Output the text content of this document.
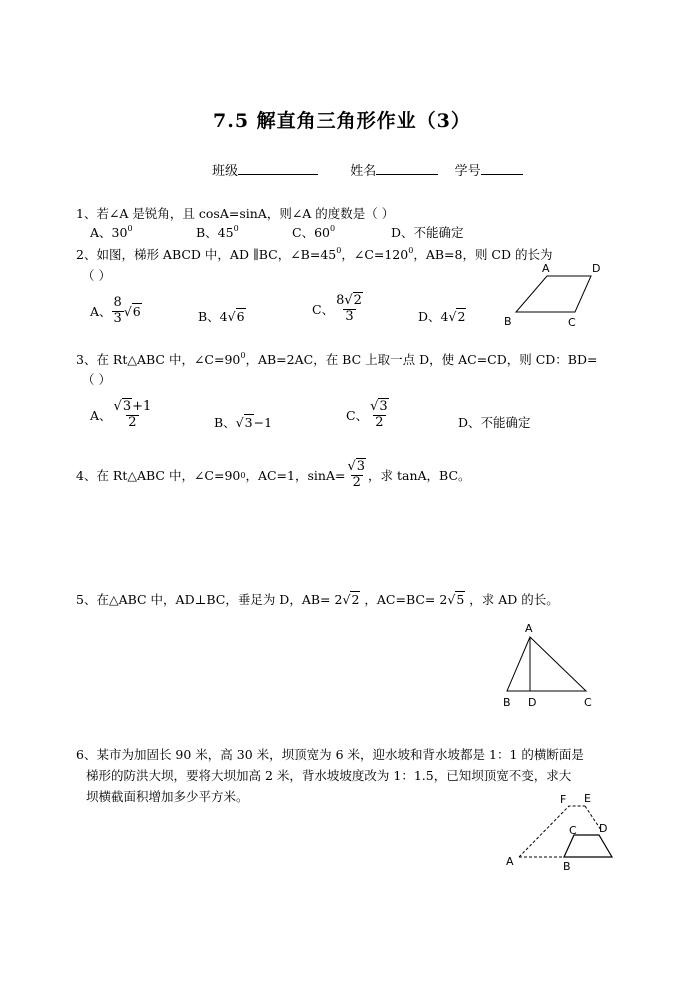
7.5 解直角三角形作业（3）
班级	姓名	学号
1、若∠A 是锐角，且 cosA=sinA，则∠A 的度数是（ ）
A、$30^0$	B、$45^0$	C、$60^0$	D、不能确定
2、如图，梯形 ABCD 中，AD ∥BC，$\angle B=45^0$，$\angle C=120^0$，AB=8，则 CD 的长为
（ ）
A、 $\frac{8}{3} √6$	B、4√6	C、 $\frac{8√2}{3}$	D、4√2
A	D
B	C
3、在 Rt△ABC 中，$\angle C=90^0$，AB=2AC，在 BC 上取一点 D，使 AC=CD，则 CD：BD=
（ ）
A、 $\frac{√3+1}{2}$	B、√3−1	C、 $\frac{√3}{2}$	D、不能确定
4、在 Rt△ABC 中，∠C=90 0 ，AC=1，$\sin A= \frac{√3}{2}$ ，求 tanA，BC。
5、在△ABC 中，AD⊥BC，垂足为 D，AB= 2√2 ，AC=BC= 2√5 ，求 AD 的长。
A
B D	C
6、某市为加固长 90 米，高 30 米，坝顶宽为 6 米，迎水坡和背水坡都是 1：1 的横断面是
梯形的防洪大坝，要将大坝加高 2 米，背水坡坡度改为 1：1.5，已知坝顶宽不变，求大
坝横截面积增加多少平方米。
A	B
C D
E
F
